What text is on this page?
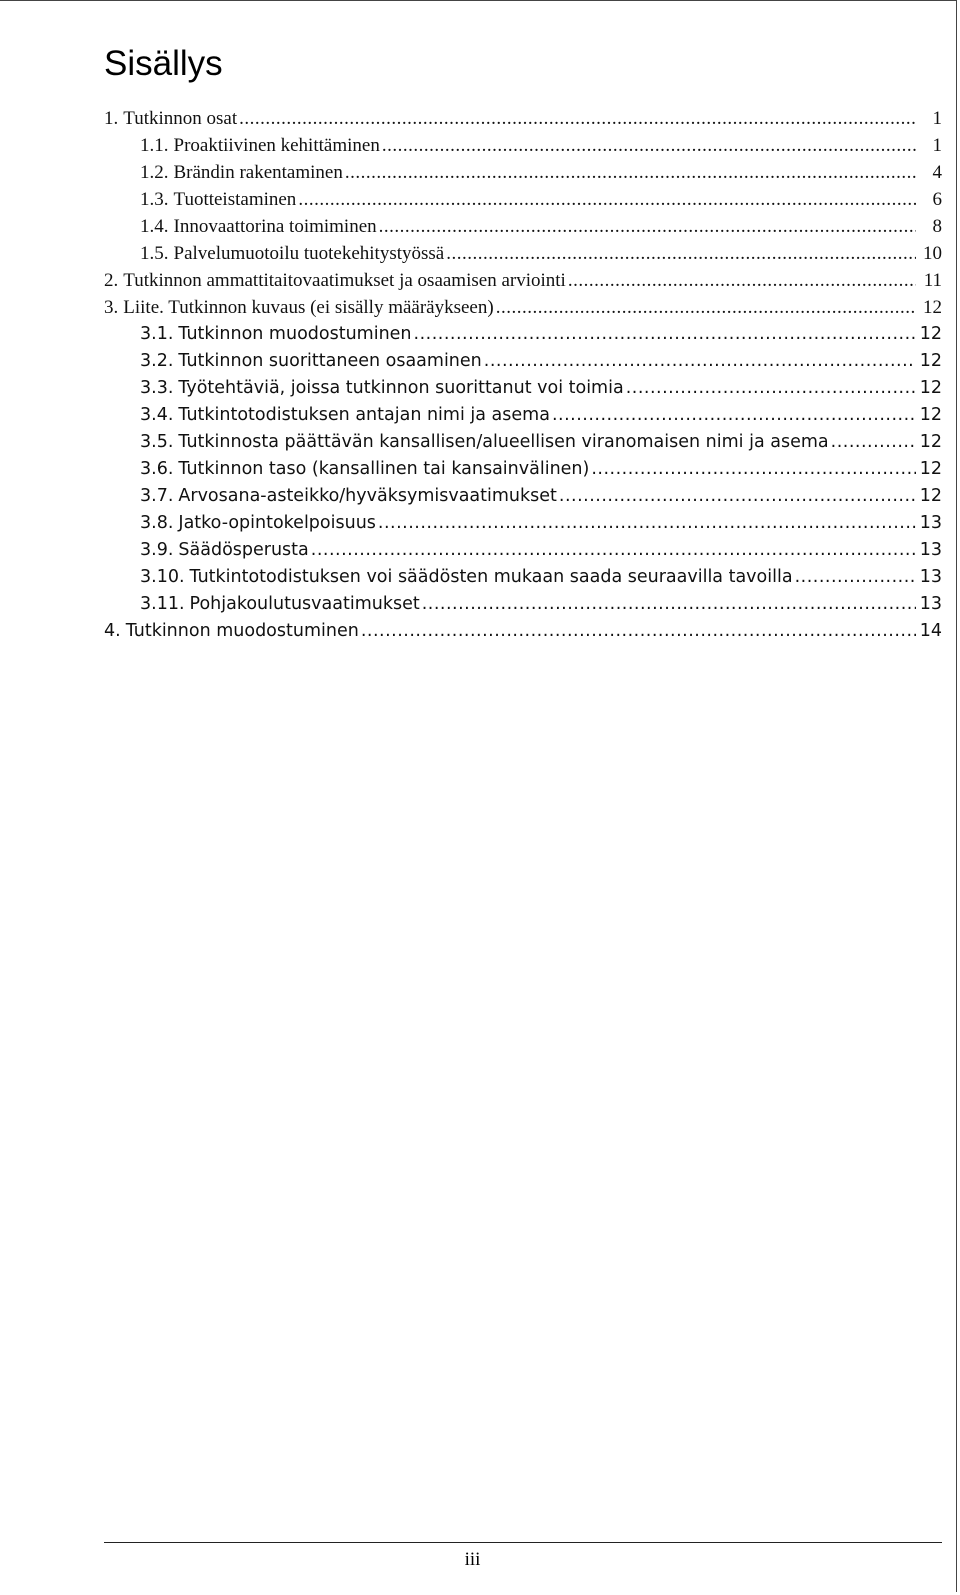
Sisällys
1. Tutkinnon osat .....	1
1.1. Proaktiivinen kehittäminen .....	1
1.2. Brändin rakentaminen .....	4
1.3. Tuotteistaminen .....	6
1.4. Innovaattorina toimiminen .....	8
1.5. Palvelumuotoilu tuotekehitystyössä .....	10
2. Tutkinnon ammattitaitovaatimukset ja osaamisen arviointi .....	11
3. Liite. Tutkinnon kuvaus (ei sisälly määräykseen) .....	12
3.1. Tutkinnon muodostuminen .....	12
3.2. Tutkinnon suorittaneen osaaminen .....	12
3.3. Työtehtäviä, joissa tutkinnon suorittanut voi toimia .....	12
3.4. Tutkintotodistuksen antajan nimi ja asema .....	12
3.5. Tutkinnosta päättävän kansallisen/alueellisen viranomaisen nimi ja asema .....	12
3.6. Tutkinnon taso (kansallinen tai kansainvälinen) .....	12
3.7. Arvosana-asteikko/hyväksymisvaatimukset .....	12
3.8. Jatko-opintokelpoisuus .....	13
3.9. Säädösperusta .....	13
3.10. Tutkintotodistuksen voi säädösten mukaan saada seuraavilla tavoilla .....	13
3.11. Pohjakoulutusvaatimukset .....	13
4. Tutkinnon muodostuminen .....	14
iii
